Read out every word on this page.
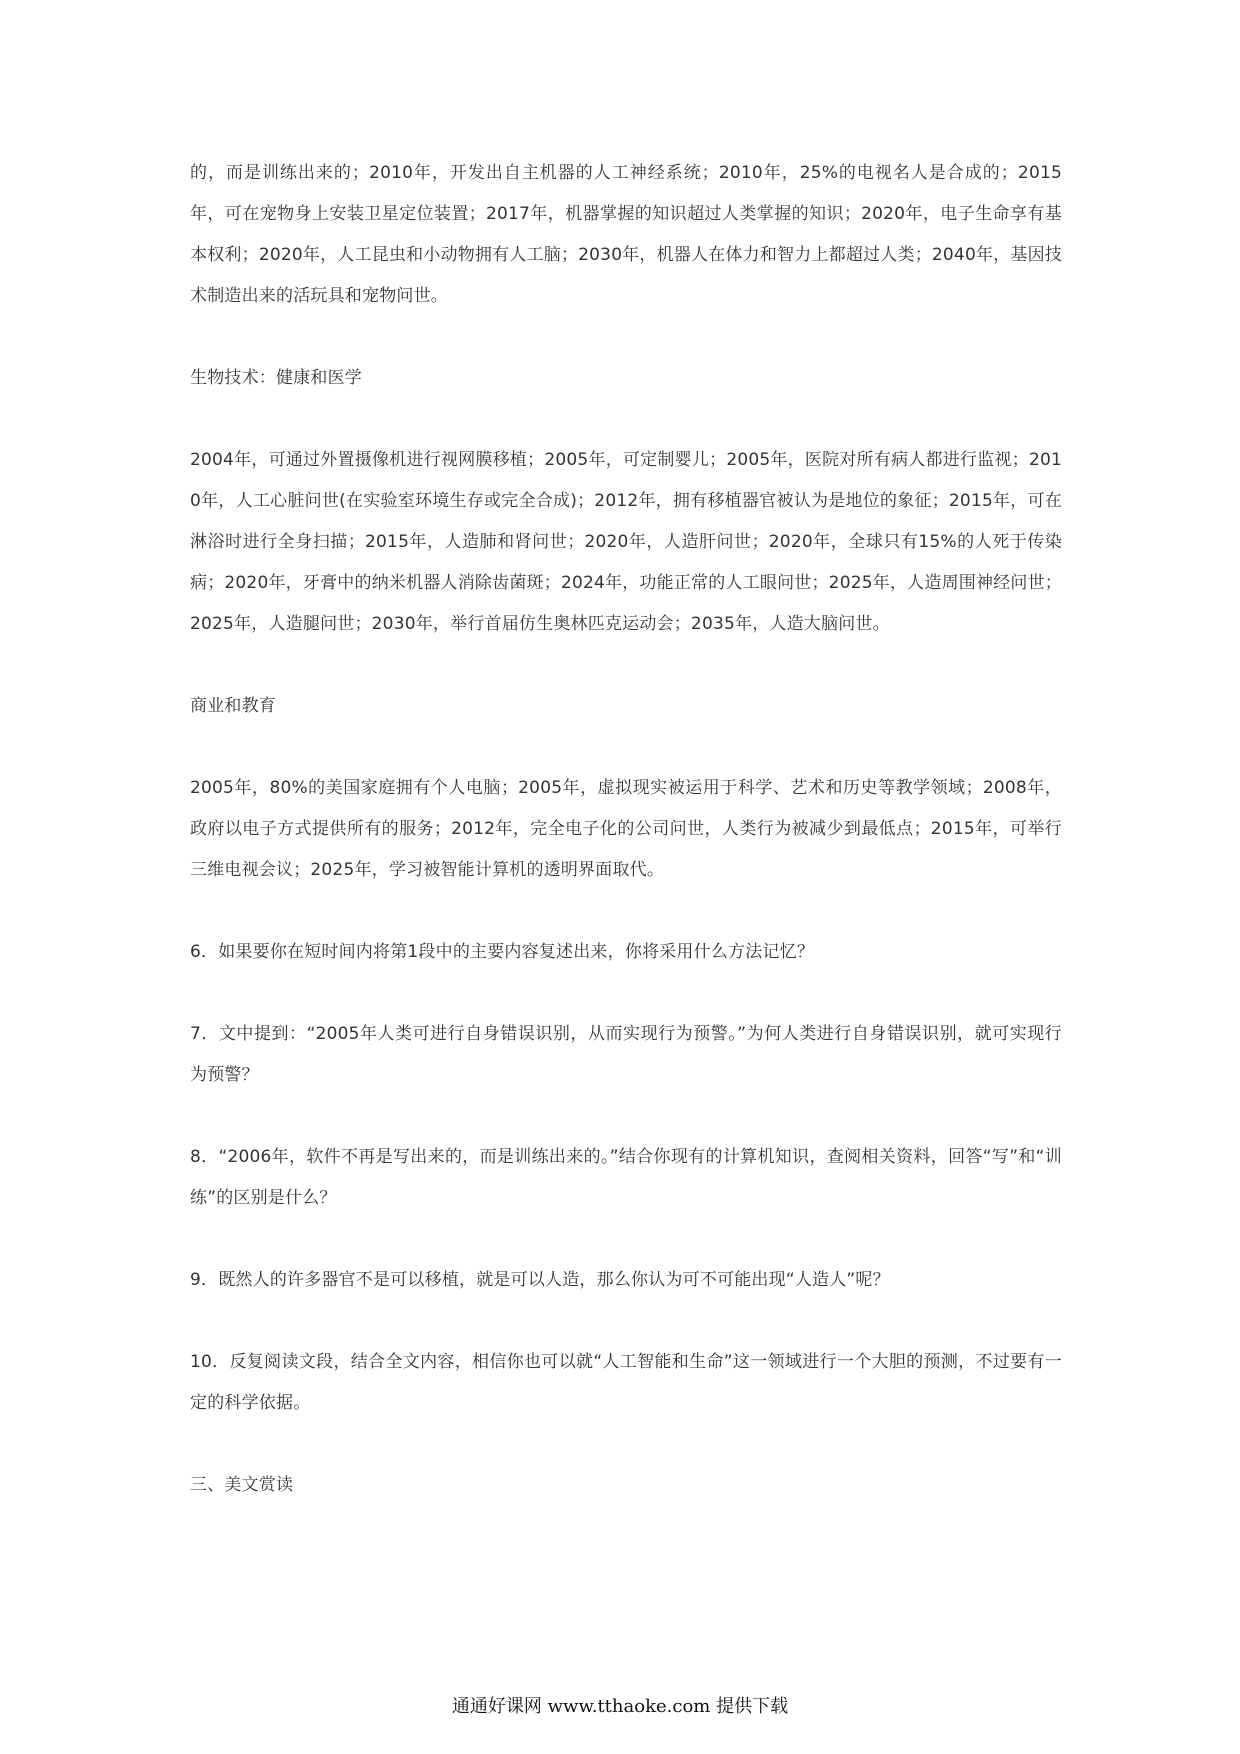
的，而是训练出来的；2010年，开发出自主机器的人工神经系统；2010年，25%的电视名人是合成的；2015年，可在宠物身上安装卫星定位装置；2017年，机器掌握的知识超过人类掌握的知识；2020年，电子生命享有基本权利；2020年，人工昆虫和小动物拥有人工脑；2030年，机器人在体力和智力上都超过人类；2040年，基因技术制造出来的活玩具和宠物问世。

生物技术：健康和医学

2004年，可通过外置摄像机进行视网膜移植；2005年，可定制婴儿；2005年，医院对所有病人都进行监视；2010年，人工心脏问世(在实验室环境生存或完全合成)；2012年，拥有移植器官被认为是地位的象征；2015年，可在淋浴时进行全身扫描；2015年，人造肺和肾问世；2020年，人造肝问世；2020年，全球只有15%的人死于传染病；2020年，牙膏中的纳米机器人消除齿菌斑；2024年，功能正常的人工眼问世；2025年，人造周围神经问世；2025年，人造腿问世；2030年，举行首届仿生奥林匹克运动会；2035年，人造大脑问世。

商业和教育

2005年，80%的美国家庭拥有个人电脑；2005年，虚拟现实被运用于科学、艺术和历史等教学领域；2008年，政府以电子方式提供所有的服务；2012年，完全电子化的公司问世，人类行为被减少到最低点；2015年，可举行三维电视会议；2025年，学习被智能计算机的透明界面取代。

6．如果要你在短时间内将第1段中的主要内容复述出来，你将采用什么方法记忆？

7．文中提到：“2005年人类可进行自身错误识别，从而实现行为预警。”为何人类进行自身错误识别，就可实现行为预警？

8．“2006年，软件不再是写出来的，而是训练出来的。”结合你现有的计算机知识，查阅相关资料，回答“写”和“训练”的区别是什么？

9．既然人的许多器官不是可以移植，就是可以人造，那么你认为可不可能出现“人造人”呢？

10．反复阅读文段，结合全文内容，相信你也可以就“人工智能和生命”这一领域进行一个大胆的预测，不过要有一定的科学依据。

三、美文赏读

通通好课网 www.tthaoke.com 提供下载
